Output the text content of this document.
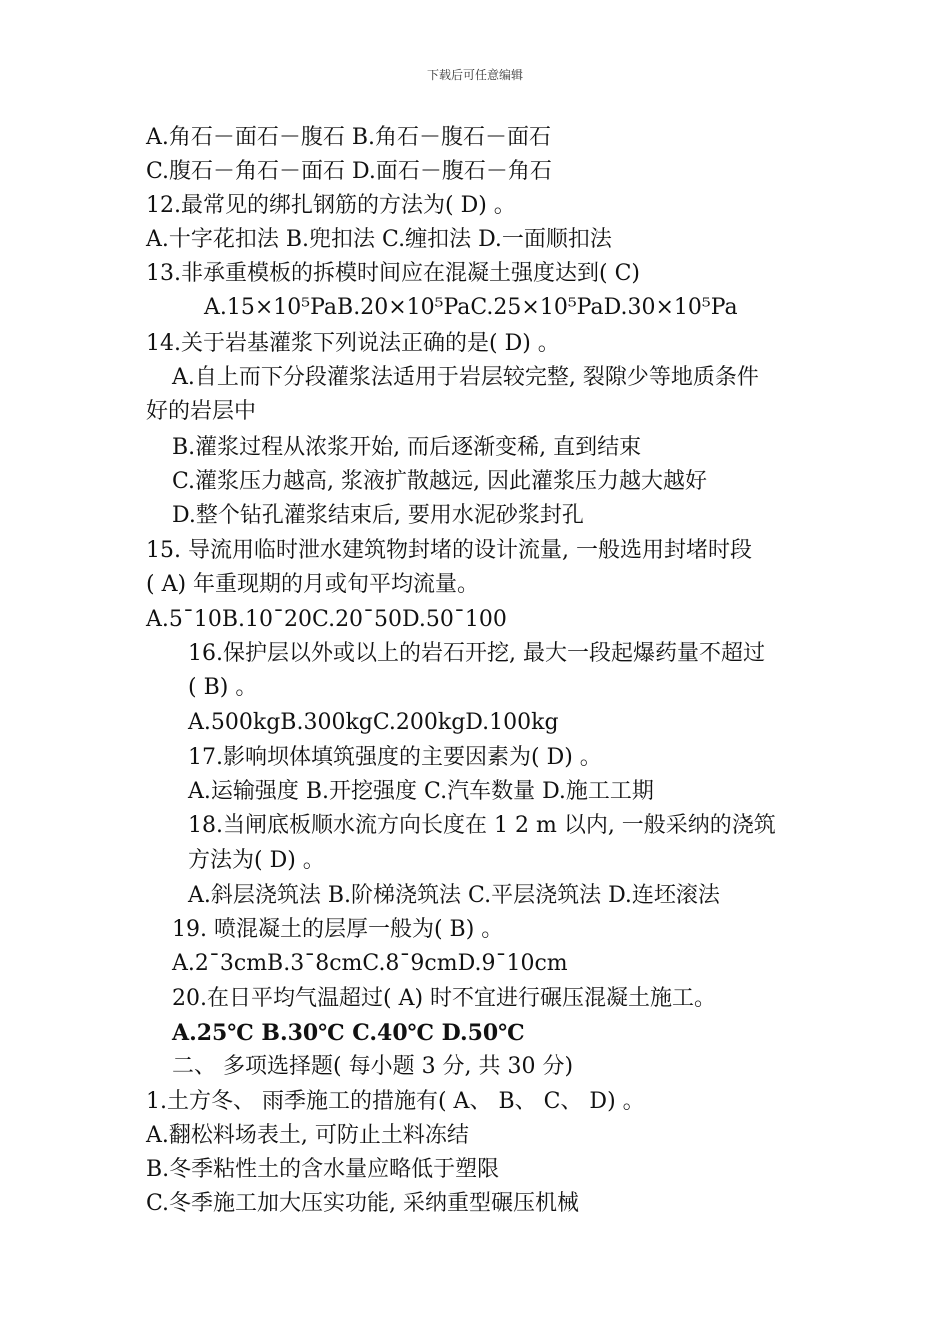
下载后可任意编辑
A.角石－面石－腹石 B.角石－腹石－面石
C.腹石－角石－面石 D.面石－腹石－角石
12.最常见的绑扎钢筋的方法为( D) 。
A.十字花扣法 B.兜扣法 C.缠扣法 D.一面顺扣法
13.非承重模板的拆模时间应在混凝土强度达到( C)
A.15×10⁵PaB.20×10⁵PaC.25×10⁵PaD.30×10⁵Pa
14.关于岩基灌浆下列说法正确的是( D) 。
A.自上而下分段灌浆法适用于岩层较完整, 裂隙少等地质条件
好的岩层中
B.灌浆过程从浓浆开始, 而后逐渐变稀, 直到结束
C.灌浆压力越高, 浆液扩散越远, 因此灌浆压力越大越好
D.整个钻孔灌浆结束后, 要用水泥砂浆封孔
15. 导流用临时泄水建筑物封堵的设计流量, 一般选用封堵时段
( A) 年重现期的月或旬平均流量。
A.5¯10B.10¯20C.20¯50D.50¯100
16.保护层以外或以上的岩石开挖, 最大一段起爆药量不超过
( B) 。
A.500kgB.300kgC.200kgD.100kg
17.影响坝体填筑强度的主要因素为( D) 。
A.运输强度 B.开挖强度 C.汽车数量 D.施工工期
18.当闸底板顺水流方向长度在 1 2 m 以内, 一般采纳的浇筑
方法为( D) 。
A.斜层浇筑法 B.阶梯浇筑法 C.平层浇筑法 D.连坯滚法
19. 喷混凝土的层厚一般为( B) 。
A.2¯3cmB.3¯8cmC.8¯9cmD.9¯10cm
20.在日平均气温超过( A) 时不宜进行碾压混凝土施工。
A.25℃ B.30℃ C.40℃ D.50℃
二、 多项选择题( 每小题 3 分, 共 30 分)
1.土方冬、 雨季施工的措施有( A、 B、 C、 D) 。
A.翻松料场表土, 可防止土料冻结
B.冬季粘性土的含水量应略低于塑限
C.冬季施工加大压实功能, 采纳重型碾压机械
